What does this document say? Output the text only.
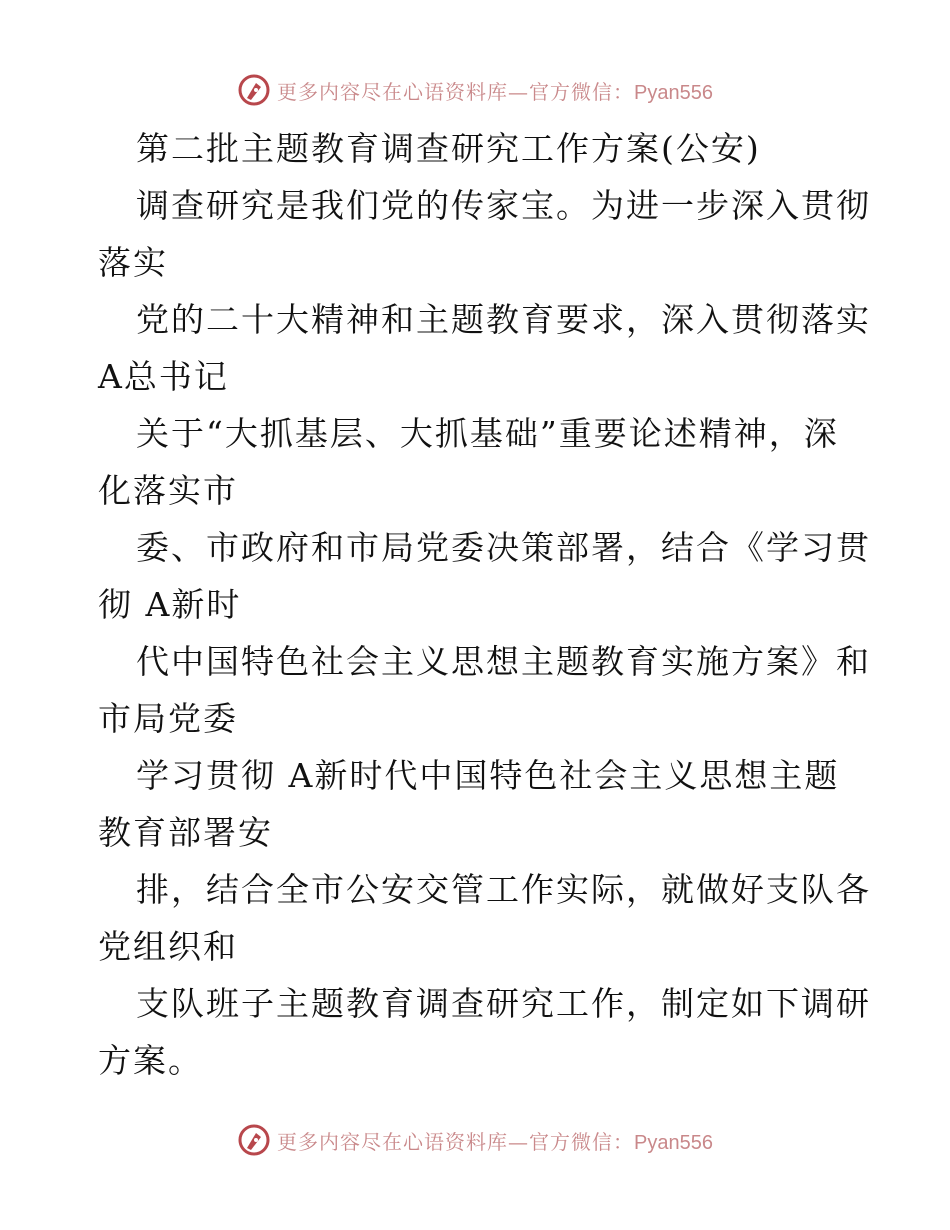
更多内容尽在心语资料库—官方微信：Pyan556
第二批主题教育调查研究工作方案(公安)
调查研究是我们党的传家宝。为进一步深入贯彻
落实
党的二十大精神和主题教育要求，深入贯彻落实
A总书记
关于“大抓基层、大抓基础”重要论述精神，深
化落实市
委、市政府和市局党委决策部署，结合《学习贯
彻 A新时
代中国特色社会主义思想主题教育实施方案》和
市局党委
学习贯彻 A新时代中国特色社会主义思想主题
教育部署安
排，结合全市公安交管工作实际，就做好支队各
党组织和
支队班子主题教育调查研究工作，制定如下调研
方案。
更多内容尽在心语资料库—官方微信：Pyan556
